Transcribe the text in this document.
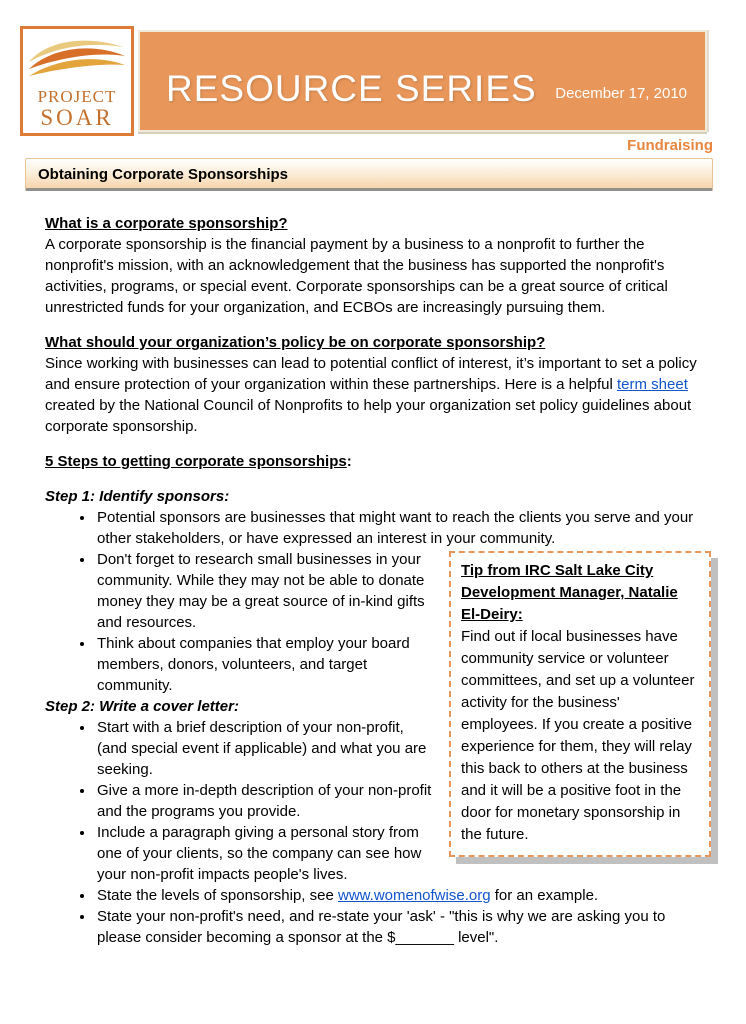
PROJECT
SOAR
RESOURCE SERIES December 17, 2010
Fundraising
Obtaining Corporate Sponsorships
What is a corporate sponsorship?

A corporate sponsorship is the financial payment by a business to a nonprofit to further the nonprofit's mission, with an acknowledgement that the business has supported the nonprofit's activities, programs, or special event. Corporate sponsorships can be a great source of critical unrestricted funds for your organization, and ECBOs are increasingly pursuing them.

What should your organization’s policy be on corporate sponsorship?

Since working with businesses can lead to potential conflict of interest, it’s important to set a policy and ensure protection of your organization within these partnerships. Here is a helpful term sheet created by the National Council of Nonprofits to help your organization set policy guidelines about corporate sponsorship.

5 Steps to getting corporate sponsorships:

Step 1: Identify sponsors:

• Potential sponsors are businesses that might want to reach the clients you serve and your other stakeholders, or have expressed an interest in your community.
• Tip from IRC Salt Lake City Development Manager, Natalie El-Deiry:
Find out if local businesses have community service or volunteer committees, and set up a volunteer activity for the business' employees. If you create a positive experience for them, they will relay this back to others at the business and it will be a positive foot in the door for monetary sponsorship in the future.
Don't forget to research small businesses in your community. While they may not be able to donate money they may be a great source of in-kind gifts and resources.
• Think about companies that employ your board members, donors, volunteers, and target community.

Step 2: Write a cover letter:

• Start with a brief description of your non-profit, (and special event if applicable) and what you are seeking.
• Give a more in-depth description of your non-profit and the programs you provide.
• Include a paragraph giving a personal story from one of your clients, so the company can see how your non-profit impacts people's lives.
• State the levels of sponsorship, see www.womenofwise.org for an example.
• State your non-profit's need, and re-state your 'ask' - "this is why we are asking you to please consider becoming a sponsor at the $_______ level".
